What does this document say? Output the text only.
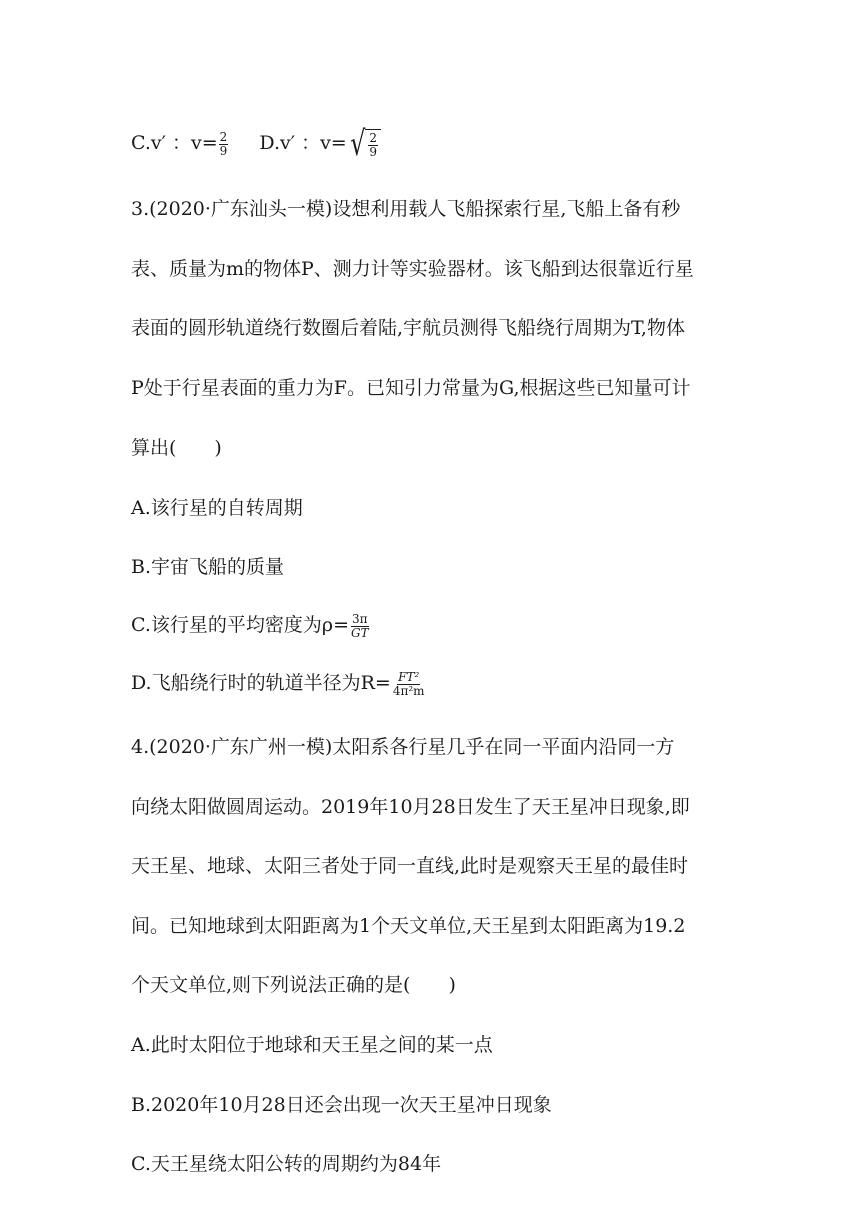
C.v′ ：$v= \frac{2}{9} D.v'$ ：v= √ $\frac{2}{9}$
3.(2020·广东汕头一模)设想利用载人飞船探索行星,飞船上备有秒
表、质量为m的物体P、测力计等实验器材。该飞船到达很靠近行星
表面的圆形轨道绕行数圈后着陆,宇航员测得飞船绕行周期为T,物体
P处于行星表面的重力为F。已知引力常量为G,根据这些已知量可计
算出(　　)
A.该行星的自转周期
B.宇宙飞船的质量
C.该行星的平均密度为$\rho= \frac{3\pi}{GT}$
D.飞船绕行时的轨道半径为$R= \frac{\text{FT²}}{\text{4π²m}}$
4.(2020·广东广州一模)太阳系各行星几乎在同一平面内沿同一方
向绕太阳做圆周运动。2019年10月28日发生了天王星冲日现象,即
天王星、地球、太阳三者处于同一直线,此时是观察天王星的最佳时
间。已知地球到太阳距离为1个天文单位,天王星到太阳距离为19.2
个天文单位,则下列说法正确的是(　　)
A.此时太阳位于地球和天王星之间的某一点
B.2020年10月28日还会出现一次天王星冲日现象
C.天王星绕太阳公转的周期约为84年
